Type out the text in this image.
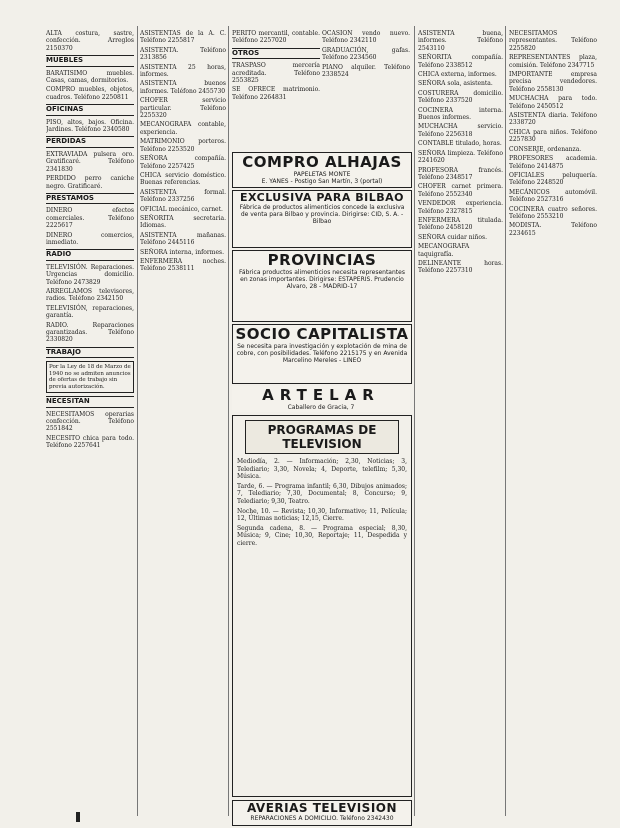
ALTA costura, sastre, confección. Arreglos 2150370

MUEBLES

BARATISIMO muebles. Casas, camas, dormitorios.

COMPRO muebles, objetos, cuadros. Teléfono 2250811

OFICINAS

PISO, altos, bajos. Oficina. Jardines. Teléfono 2340580

PERDIDAS

EXTRAVIADA pulsera oro. Gratificaré. Teléfono 2341830

PERDIDO perro caniche negro. Gratificaré.

PRESTAMOS

DINERO efectos comerciales. Teléfono 2225617

DINERO comercios, inmediato.

RADIO

TELEVISIÓN. Reparaciones. Urgencias domicilio. Teléfono 2473829

ARREGLAMOS televisores, radios. Teléfono 2342150

TELEVISIÓN, reparaciones, garantía.

RADIO. Reparaciones garantizadas. Teléfono 2330820

TRABAJO
Por la Ley de 18 de Marzo de 1940 no se admiten anuncios de ofertas de trabajo sin previa autorización.
NECESITAN

NECESITAMOS operarias confección. Teléfono 2551842

NECESITO chica para todo. Teléfono 2257641

ASISTENTAS de la A. C. Teléfono 2255817

ASISTENTA. Teléfono 2313856

ASISTENTA 25 horas, informes.

ASISTENTA buenos informes. Teléfono 2455730

CHOFER servicio particular. Teléfono 2255320

MECANOGRAFA contable, experiencia.

MATRIMONIO porteros. Teléfono 2253520

SEÑORA compañía. Teléfono 2257425

CHICA servicio doméstico. Buenas referencias.

ASISTENTA formal. Teléfono 2337256

OFICIAL mecánico, carnet.

SEÑORITA secretaria. Idiomas.

ASISTENTA mañanas. Teléfono 2445116

SEÑORA interna, informes.

ENFERMERA noches. Teléfono 2538111

PERITO mercantil, contable. Teléfono 2257020

OTROS

TRASPASO mercería acreditada. Teléfono 2553825

SE OFRECE matrimonio. Teléfono 2264831

OCASIÓN vendo nuevo. Teléfono 2342110

GRADUACIÓN, gafas. Teléfono 2234560

PIANO alquiler. Teléfono 2338524

COMPRO ALHAJAS
PAPELETAS MONTE
E. YANES - Postigo San Martín, 3 (portal)
EXCLUSIVA PARA BILBAO
Fábrica de productos alimenticios concede la exclusiva de venta para Bilbao y provincia. Dirigirse: CID, S. A. - Bilbao
PROVINCIAS
Fábrica productos alimenticios necesita representantes en zonas importantes. Dirigirse: ESTAPERIS. Prudencio Alvaro, 28 - MADRID-17
SOCIO CAPITALISTA
Se necesita para investigación y explotación de mina de cobre, con posibilidades. Teléfono 2215175 y en Avenida Marcelino Mereles - LINEO
ARTELAR
Caballero de Gracia, 7
PROGRAMAS DE TELEVISION

Mediodía, 2. — Información; 2,30, Noticias; 3, Telediario; 3,30, Novela; 4, Deporte, telefilm; 5,30, Música.

Tarde, 6. — Programa infantil; 6,30, Dibujos animados; 7, Telediario; 7,30, Documental; 8, Concurso; 9, Telediario; 9,30, Teatro.

Noche, 10. — Revista; 10,30, Informativo; 11, Película; 12, Últimas noticias; 12,15, Cierre.

Segunda cadena, 8. — Programa especial; 8,30, Música; 9, Cine; 10,30, Reportaje; 11, Despedida y cierre.

AVERIAS TELEVISION
REPARACIONES A DOMICILIO. Teléfono 2342430

ASISTENTA buena, informes. Teléfono 2543110

SEÑORITA compañía. Teléfono 2338512

CHICA externa, informes.

SEÑORA sola, asistenta.

COSTURERA domicilio. Teléfono 2337520

COCINERA interna. Buenos informes.

MUCHACHA servicio. Teléfono 2256318

CONTABLE titulado, horas.

SEÑORA limpieza. Teléfono 2241620

PROFESORA francés. Teléfono 2348517

CHOFER carnet primera. Teléfono 2552340

VENDEDOR experiencia. Teléfono 2327815

ENFERMERA titulada. Teléfono 2458120

SEÑORA cuidar niños.

MECANOGRAFA taquigrafía.

DELINEANTE horas. Teléfono 2257310

NECESITAMOS representantes. Teléfono 2255820

REPRESENTANTES plaza, comisión. Teléfono 2347715

IMPORTANTE empresa precisa vendedores. Teléfono 2558130

MUCHACHA para todo. Teléfono 2450512

ASISTENTA diaria. Teléfono 2338720

CHICA para niños. Teléfono 2257830

CONSERJE, ordenanza.

PROFESORES academia. Teléfono 2414875

OFICIALES peluquería. Teléfono 2248520

MECÁNICOS automóvil. Teléfono 2527316

COCINERA cuatro señores. Teléfono 2553210

MODISTA. Teléfono 2234615
